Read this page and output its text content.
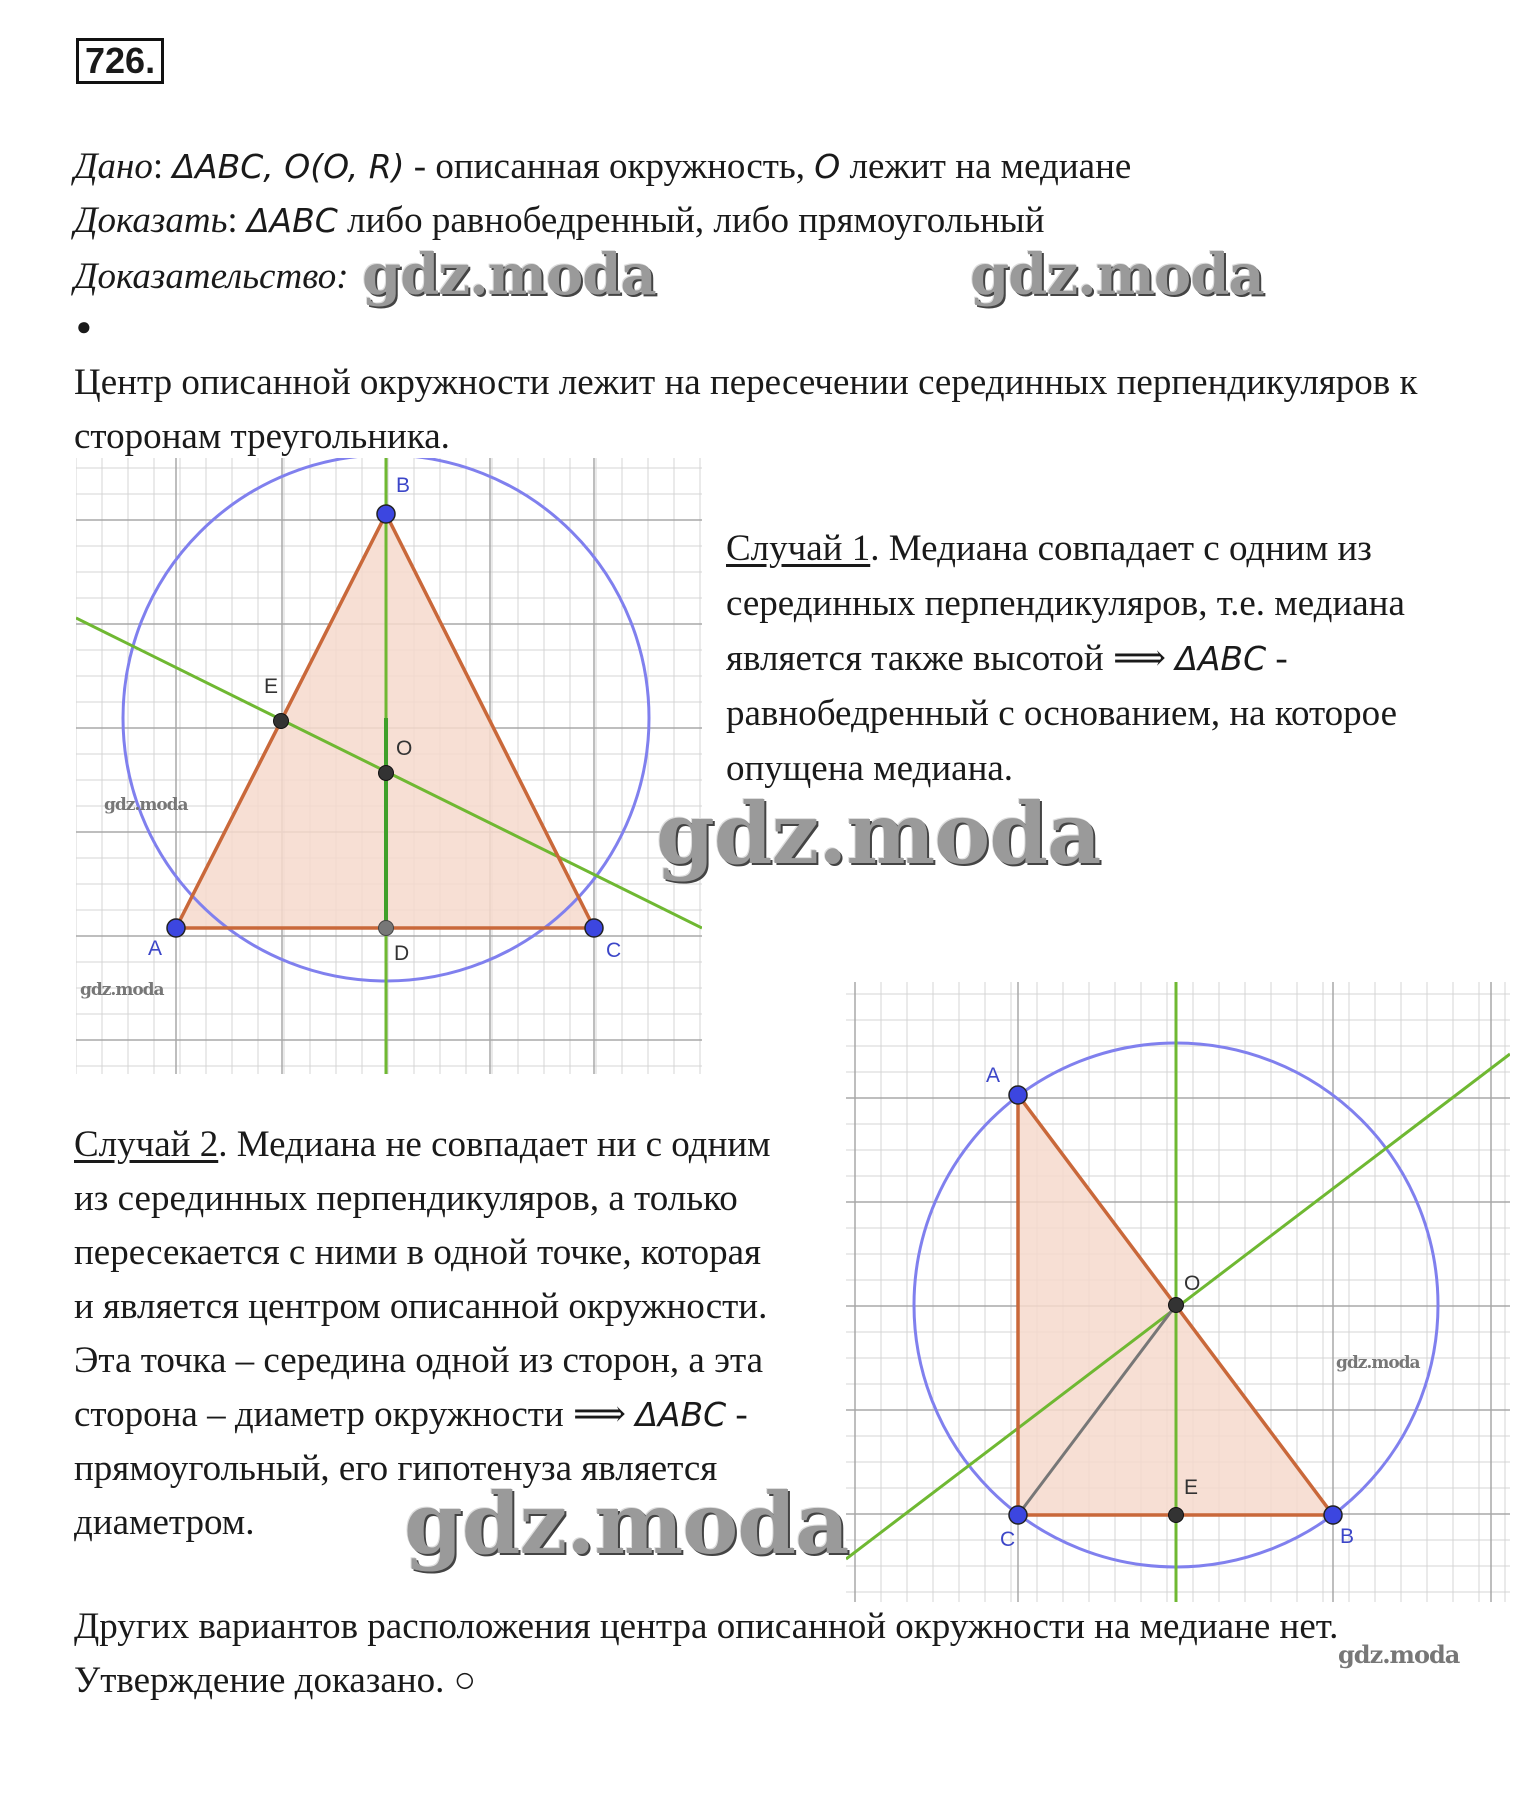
726.
Дано: ΔABC, O(O, R) - описанная окружность, O лежит на медиане
Доказать: ΔABC либо равнобедренный, либо прямоугольный
Доказательство: gdz.moda	gdz.moda
●
Центр описанной окружности лежит на пересечении серединных перпендикуляров к
сторонам треугольника.
B
A	C
E
O
D
gdz.moda
gdz.moda
Случай 1. Медиана совпадает с одним из
серединных перпендикуляров, т.е. медиана
является также высотой ⟹ ΔABC -
равнобедренный с основанием, на которое
опущена медиана.
gdz.moda
A
C	B
O
E
gdz.moda
Случай 2. Медиана не совпадает ни с одним
из серединных перпендикуляров, а только
пересекается с ними в одной точке, которая
и является центром описанной окружности.
Эта точка – середина одной из сторон, а эта
сторона – диаметр окружности ⟹ ΔABC -
прямоугольный, его гипотенуза является
диаметром. gdz.moda
Других вариантов расположения центра описанной окружности на медиане нет.
gdz.moda
Утверждение доказано. ○
